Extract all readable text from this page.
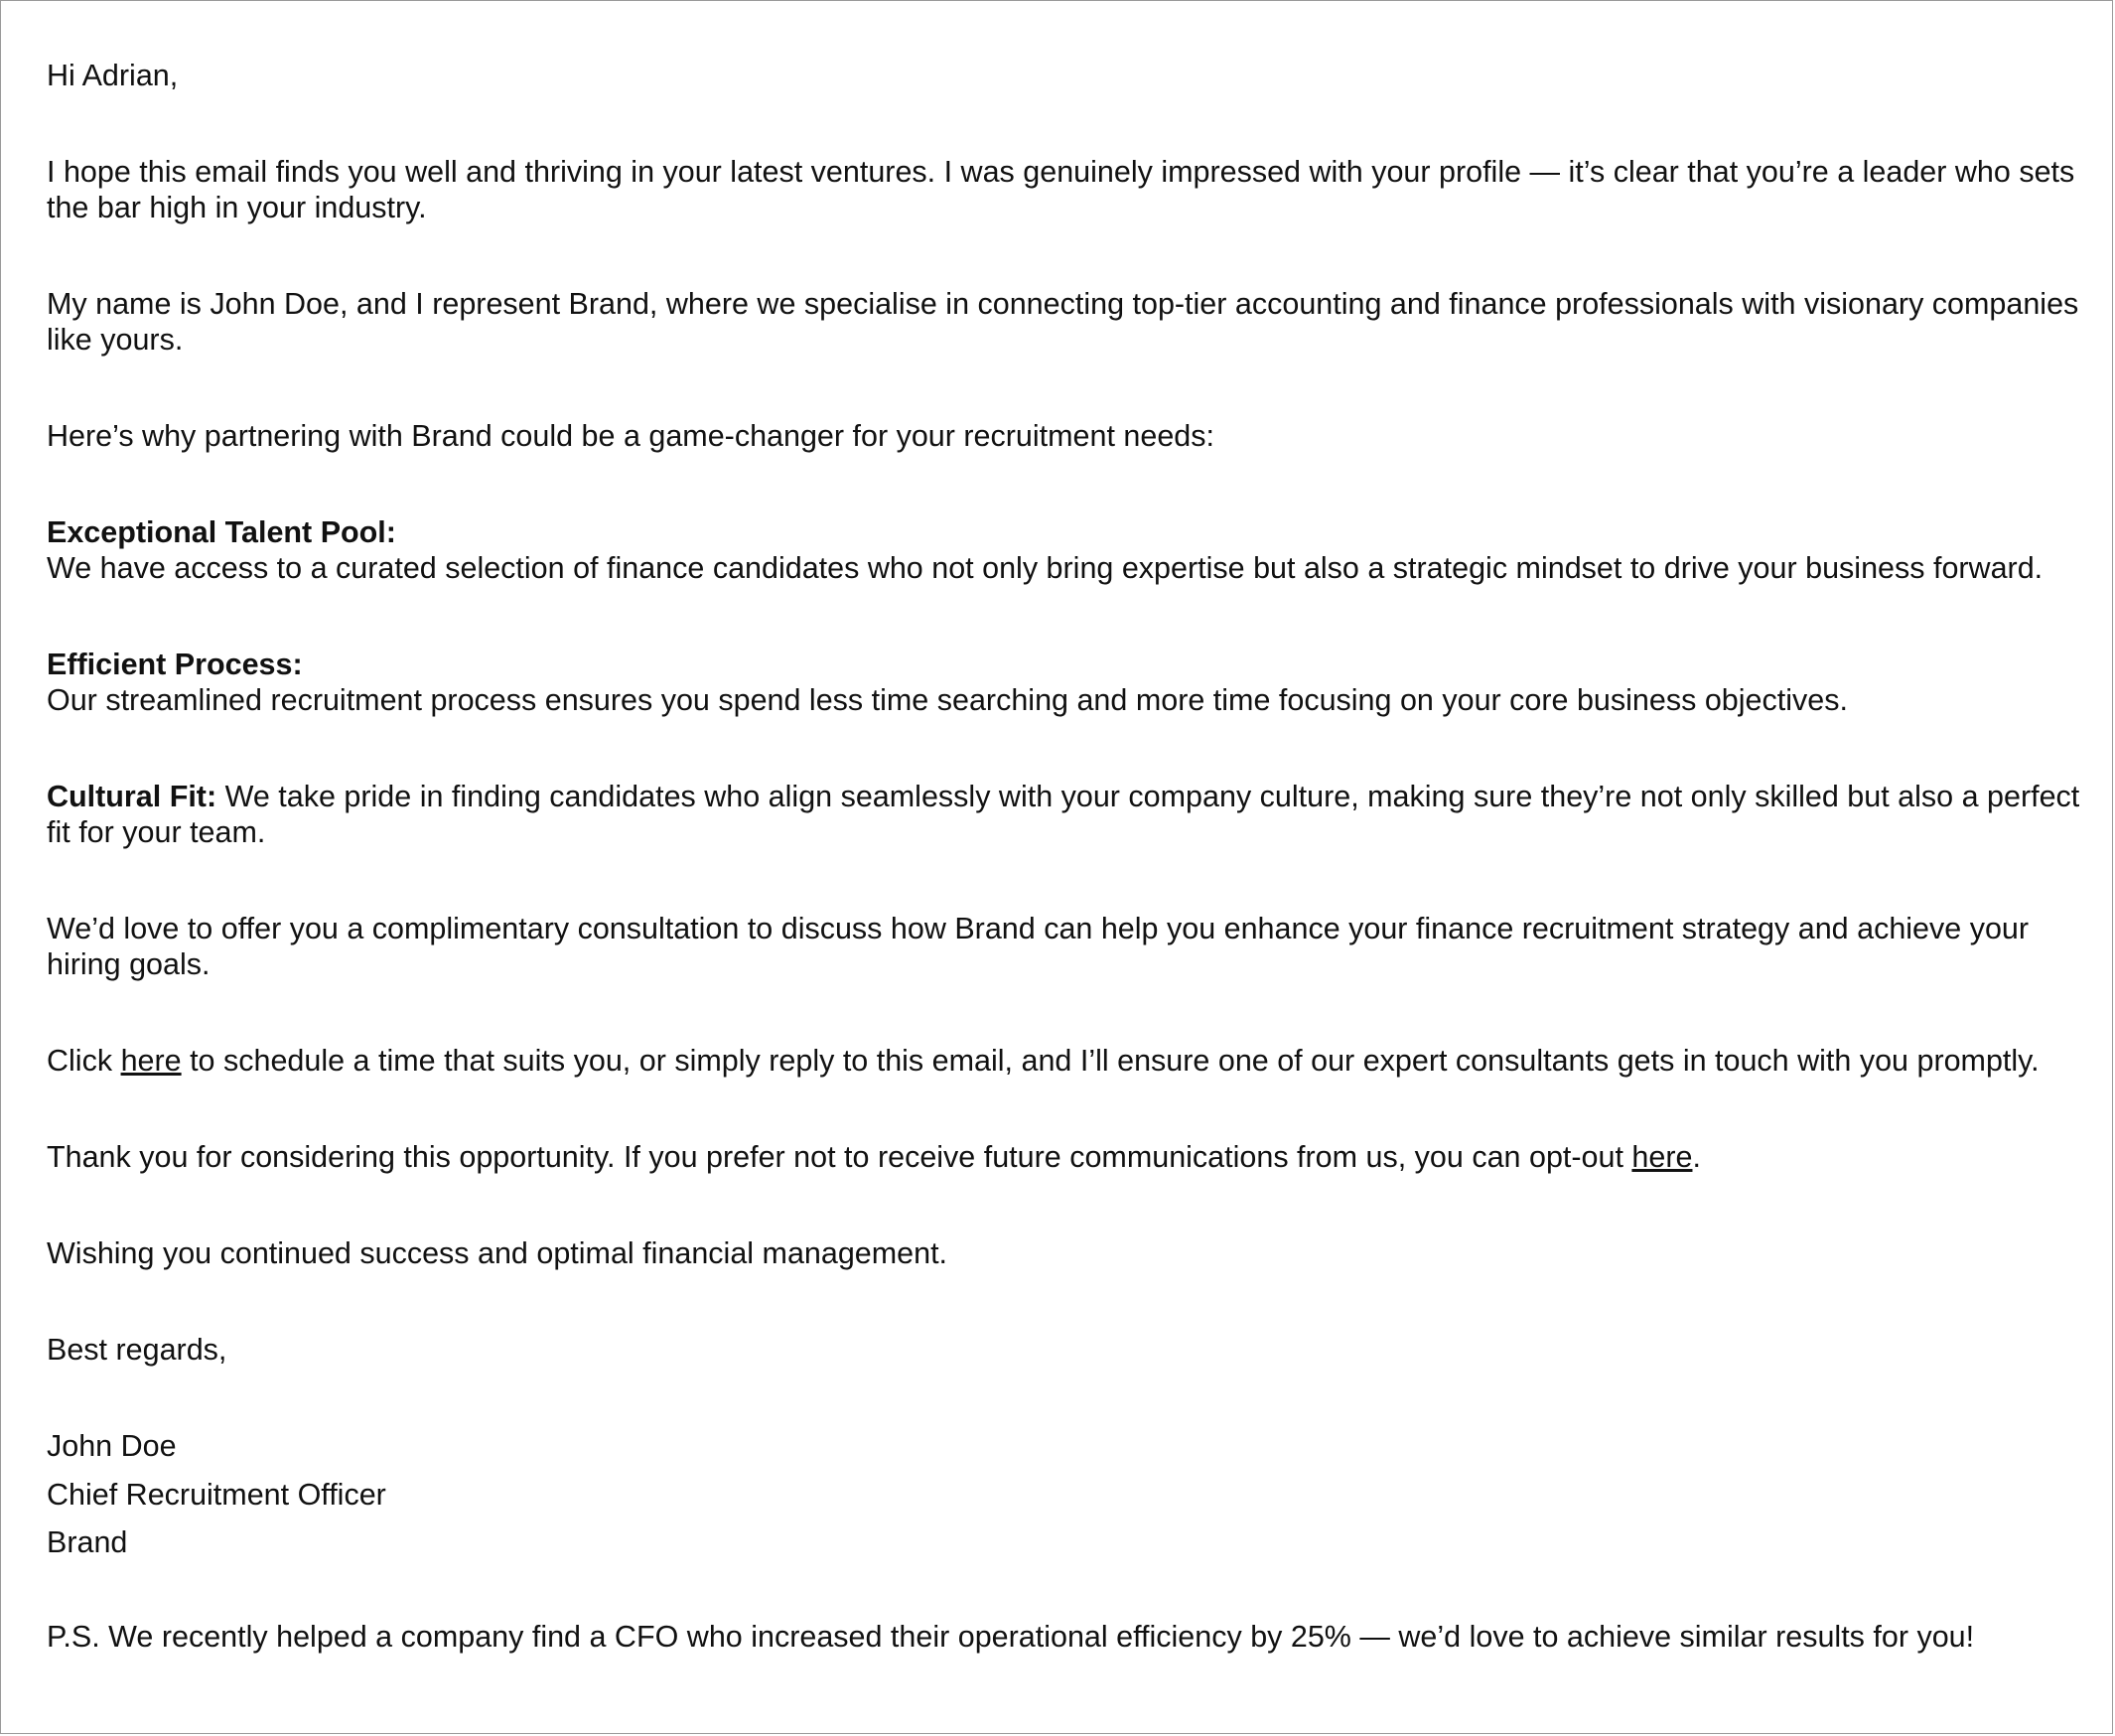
Hi Adrian,

I hope this email finds you well and thriving in your latest ventures. I was genuinely impressed with your profile — it’s clear that you’re a leader who sets the bar high in your industry.

My name is John Doe, and I represent Brand, where we specialise in connecting top-tier accounting and finance professionals with visionary companies like yours.

Here’s why partnering with Brand could be a game-changer for your recruitment needs:

Exceptional Talent Pool:
We have access to a curated selection of finance candidates who not only bring expertise but also a strategic mindset to drive your business forward.

Efficient Process:
Our streamlined recruitment process ensures you spend less time searching and more time focusing on your core business objectives.

Cultural Fit: We take pride in finding candidates who align seamlessly with your company culture, making sure they’re not only skilled but also a perfect fit for your team.

We’d love to offer you a complimentary consultation to discuss how Brand can help you enhance your finance recruitment strategy and achieve your hiring goals.

Click here to schedule a time that suits you, or simply reply to this email, and I’ll ensure one of our expert consultants gets in touch with you promptly.

Thank you for considering this opportunity. If you prefer not to receive future communications from us, you can opt-out here.

Wishing you continued success and optimal financial management.

Best regards,

John Doe
Chief Recruitment Officer
Brand

P.S. We recently helped a company find a CFO who increased their operational efficiency by 25% — we’d love to achieve similar results for you!
